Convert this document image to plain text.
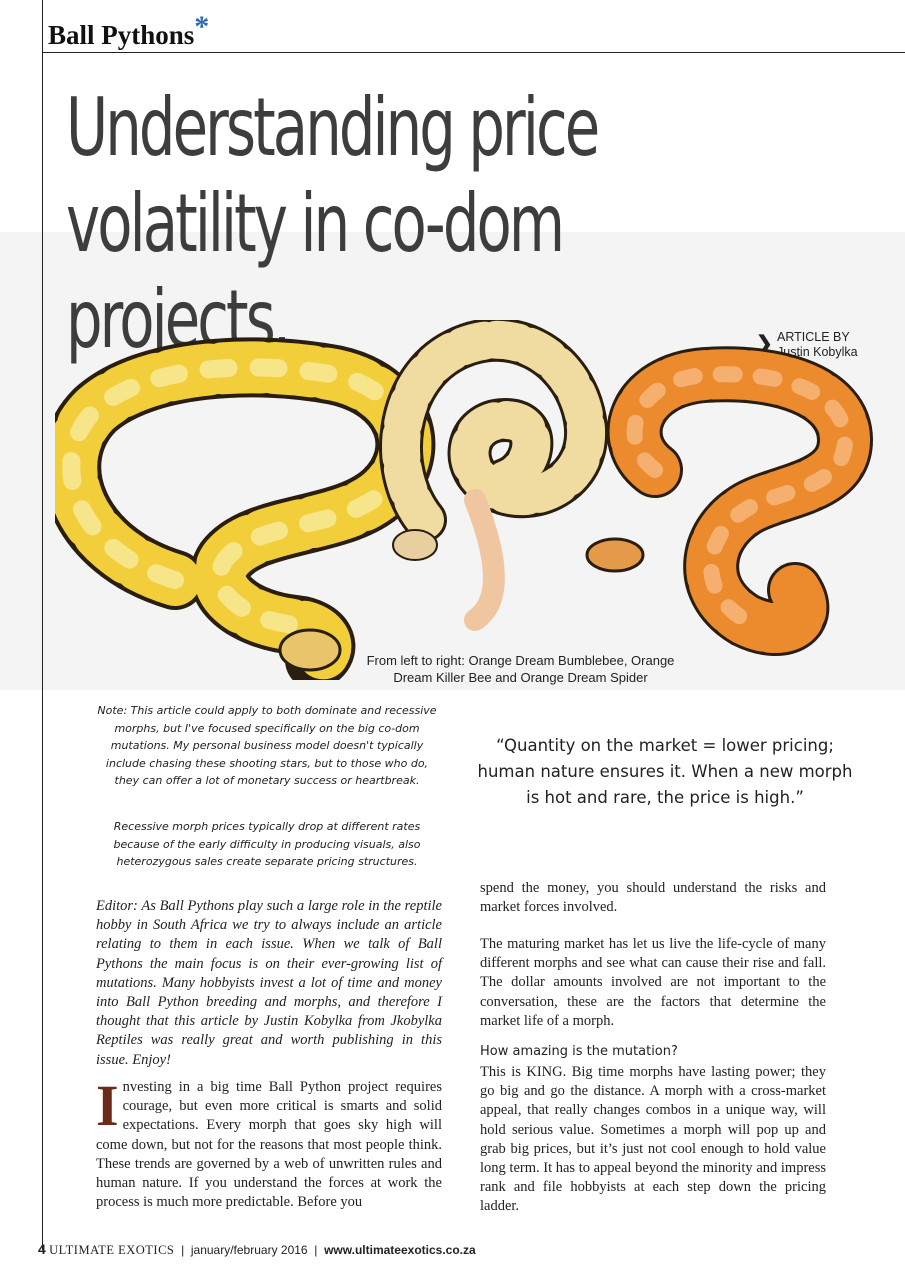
Ball Pythons*
Understanding price
volatility in co-dom
projects.	❯ ARTICLE BY
Justin Kobylka
From left to right: Orange Dream Bumblebee, Orange Dream Killer Bee and Orange Dream Spider
Note: This article could apply to both dominate and recessive morphs, but I've focused specifically on the big co-dom mutations. My personal business model doesn't typically include chasing these shooting stars, but to those who do, they can offer a lot of monetary success or heartbreak.
Recessive morph prices typically drop at different rates because of the early difficulty in producing visuals, also heterozygous sales create separate pricing structures.
“Quantity on the market = lower pricing; human nature ensures it. When a new morph is hot and rare, the price is high.”
Editor: As Ball Pythons play such a large role in the reptile hobby in South Africa we try to always include an article relating to them in each issue. When we talk of Ball Pythons the main focus is on their ever-growing list of mutations. Many hobbyists invest a lot of time and money into Ball Python breeding and morphs, and therefore I thought that this article by Justin Kobylka from Jkobylka Reptiles was really great and worth publishing in this issue. Enjoy!
Investing in a big time Ball Python project requires courage, but even more critical is smarts and solid expectations. Every morph that goes sky high will come down, but not for the reasons that most people think. These trends are governed by a web of unwritten rules and human nature. If you understand the forces at work the process is much more predictable. Before you
spend the money, you should understand the risks and market forces involved.
The maturing market has let us live the life-cycle of many different morphs and see what can cause their rise and fall. The dollar amounts involved are not important to the conversation, these are the factors that determine the market life of a morph.
How amazing is the mutation?
This is KING. Big time morphs have lasting power; they go big and go the distance. A morph with a cross-market appeal, that really changes combos in a unique way, will hold serious value. Sometimes a morph will pop up and grab big prices, but it’s just not cool enough to hold value long term. It has to appeal beyond the minority and impress rank and file hobbyists at each step down the pricing ladder.
4 ULTIMATE EXOTICS | january/february 2016 | www.ultimateexotics.co.za
